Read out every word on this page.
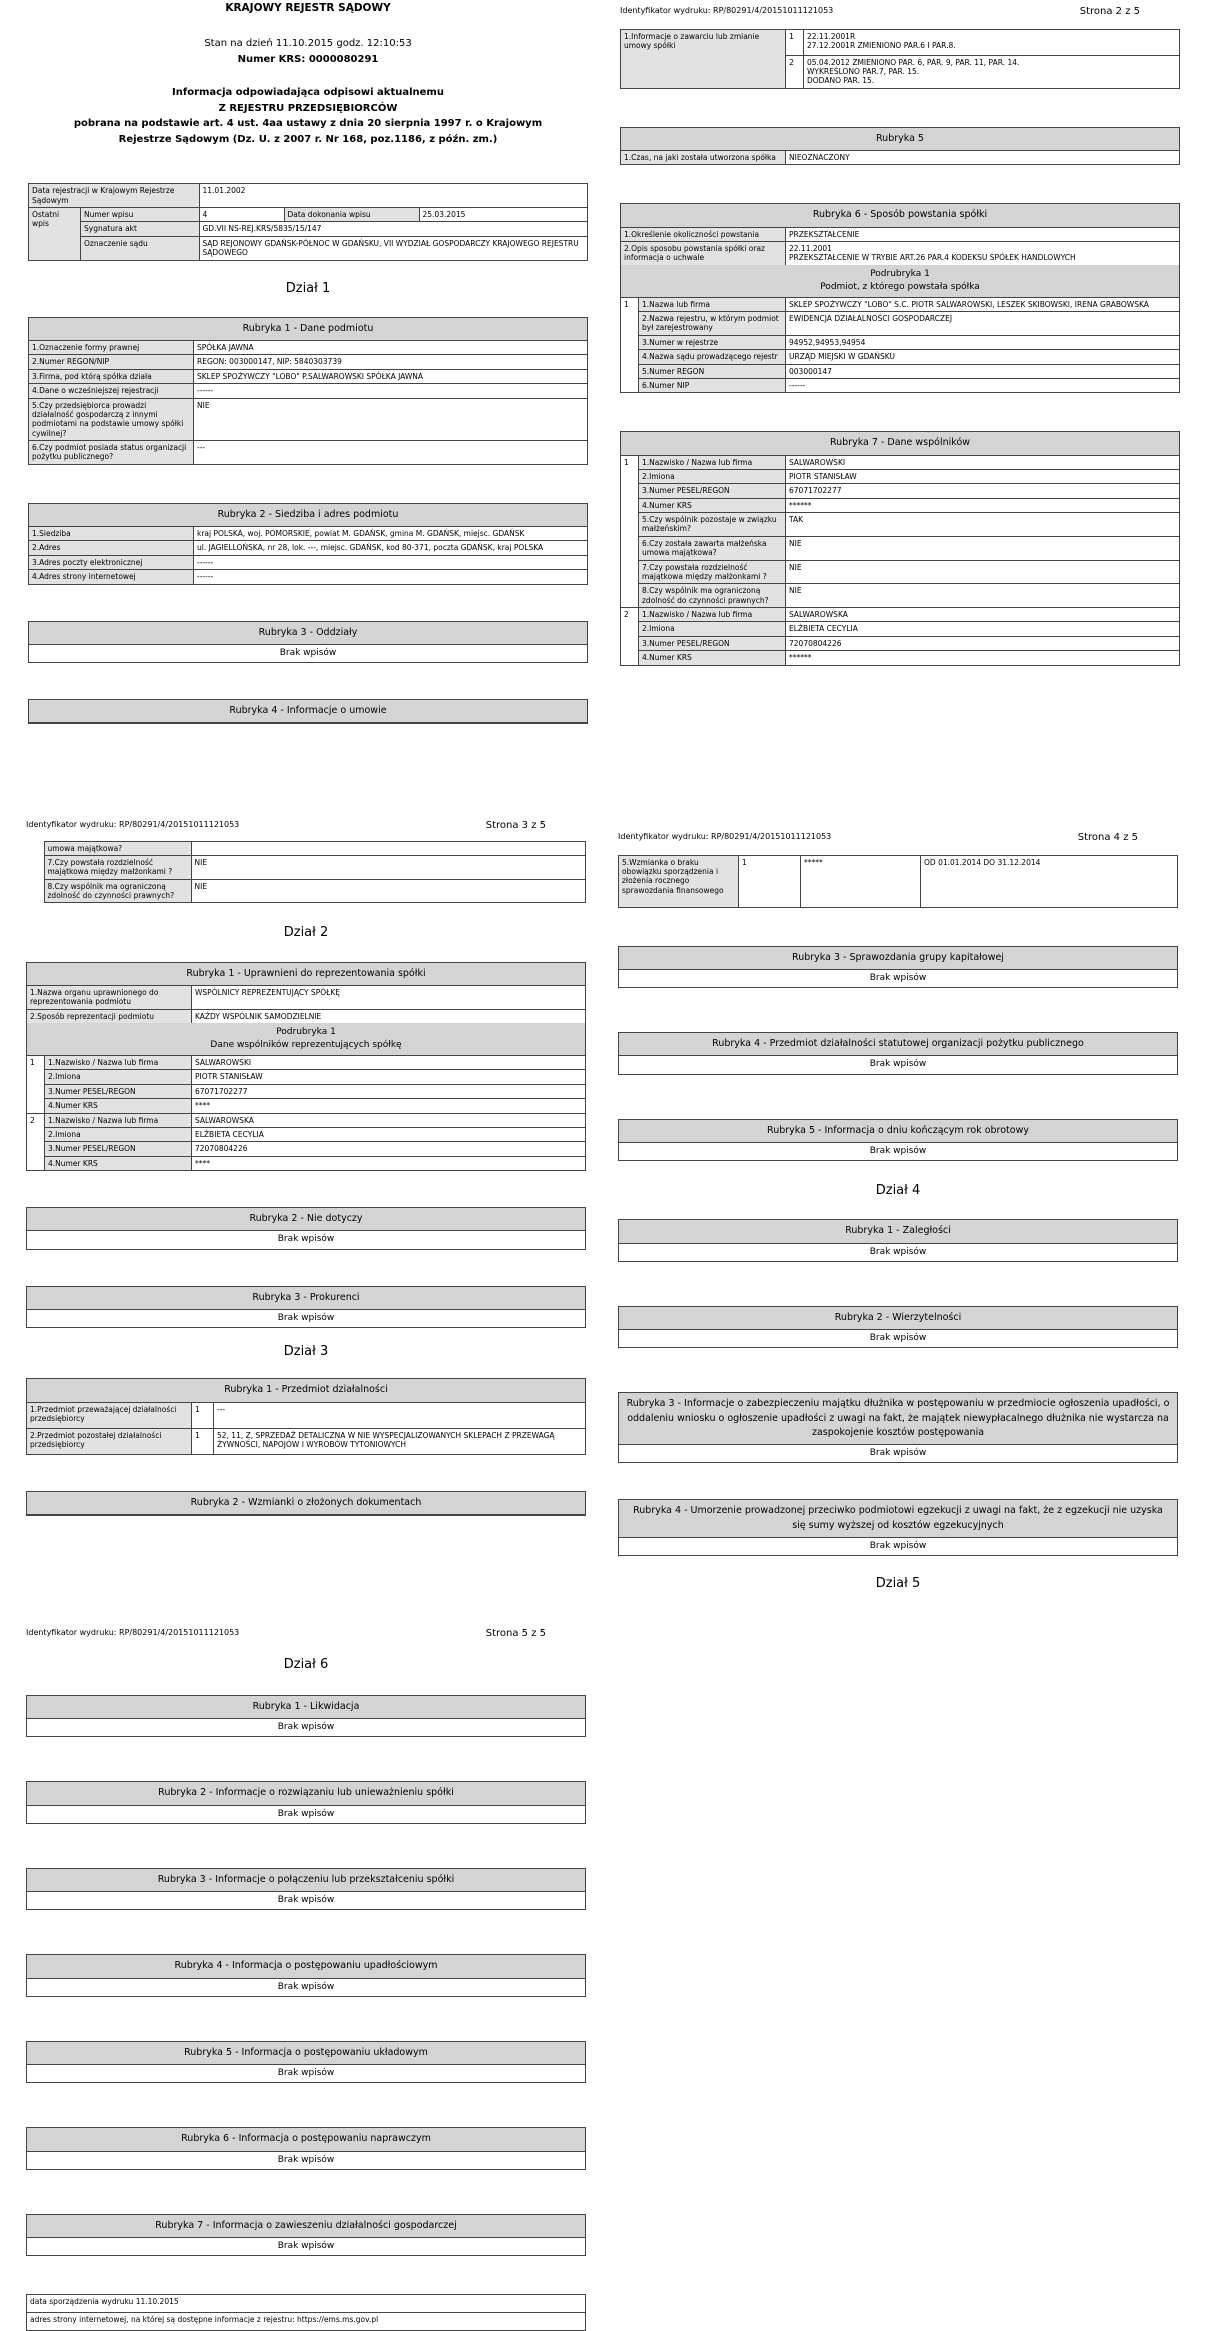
KRAJOWY REJESTR SĄDOWY
Stan na dzień 11.10.2015 godz. 12:10:53
Numer KRS: 0000080291
Informacja odpowiadająca odpisowi aktualnemu
Z REJESTRU PRZEDSIĘBIORCÓW
pobrana na podstawie art. 4 ust. 4aa ustawy z dnia 20 sierpnia 1997 r. o Krajowym Rejestrze Sądowym (Dz. U. z 2007 r. Nr 168, poz.1186, z późn. zm.)
Data rejestracji w Krajowym Rejestrze Sądowym		11.01.2002		
Ostatni wpis	Numer wpisu	4	Data dokonania wpisu	25.03.2015
	Sygnatura akt	GD.VII NS-REJ.KRS/5835/15/147		
	Oznaczenie sądu	SĄD REJONOWY GDAŃSK-PÓŁNOC W GDAŃSKU, VII WYDZIAŁ GOSPODARCZY KRAJOWEGO REJESTRU SĄDOWEGO		
Dział 1
Rubryka 1 - Dane podmiotu
1.Oznaczenie formy prawnej	SPÓŁKA JAWNA
2.Numer REGON/NIP	REGON: 003000147, NIP: 5840303739
3.Firma, pod którą spółka działa	SKLEP SPOŻYWCZY "LOBO" P.SALWAROWSKI SPÓŁKA JAWNA
4.Dane o wcześniejszej rejestracji	------
5.Czy przedsiębiorca prowadzi działalność gospodarczą z innymi podmiotami na podstawie umowy spółki cywilnej?	NIE
6.Czy podmiot posiada status organizacji pożytku publicznego?	---
Rubryka 2 - Siedziba i adres podmiotu
1.Siedziba	kraj POLSKA, woj. POMORSKIE, powiat M. GDAŃSK, gmina M. GDAŃSK, miejsc. GDAŃSK
2.Adres	ul. JAGIELLOŃSKA, nr 28, lok. ---, miejsc. GDAŃSK, kod 80-371, poczta GDAŃSK, kraj POLSKA
3.Adres poczty elektronicznej	------
4.Adres strony internetowej	------
Rubryka 3 - Oddziały
Brak wpisów
Rubryka 4 - Informacje o umowie
Identyfikator wydruku: RP/80291/4/20151011121053	Strona 2 z 5
1.Informacje o zawarciu lub zmianie umowy spółki	1	22.11.2001R
27.12.2001R ZMIENIONO PAR.6 I PAR.8.
	2	05.04.2012 ZMIENIONO PAR. 6, PAR. 9, PAR. 11, PAR. 14.
WYKREŚLONO PAR.7, PAR. 15.
DODANO PAR. 15.
Rubryka 5
1.Czas, na jaki została utworzona spółka	NIEOZNACZONY
Rubryka 6 - Sposób powstania spółki
1.Określenie okoliczności powstania	PRZEKSZTAŁCENIE
2.Opis sposobu powstania spółki oraz informacja o uchwale	22.11.2001
PRZEKSZTAŁCENIE W TRYBIE ART.26 PAR.4 KODEKSU SPÓŁEK HANDLOWYCH
Podrubryka 1
Podmiot, z którego powstała spółka
1	1.Nazwa lub firma	SKLEP SPOŻYWCZY "LOBO" S.C. PIOTR SALWAROWSKI, LESZEK SKIBOWSKI, IRENA GRABOWSKA
	2.Nazwa rejestru, w którym podmiot był zarejestrowany	EWIDENCJA DZIAŁALNOŚCI GOSPODARCZEJ
	3.Numer w rejestrze	94952,94953,94954
	4.Nazwa sądu prowadzącego rejestr	URZĄD MIEJSKI W GDAŃSKU
	5.Numer REGON	003000147
	6.Numer NIP	------
Rubryka 7 - Dane wspólników
1	1.Nazwisko / Nazwa lub firma	SALWAROWSKI
	2.Imiona	PIOTR STANISŁAW
	3.Numer PESEL/REGON	67071702277
	4.Numer KRS	******
	5.Czy wspólnik pozostaje w związku małżeńskim?	TAK
	6.Czy została zawarta małżeńska umowa majątkowa?	NIE
	7.Czy powstała rozdzielność majątkowa między małżonkami ?	NIE
	8.Czy wspólnik ma ograniczoną zdolność do czynności prawnych?	NIE
2	1.Nazwisko / Nazwa lub firma	SALWAROWSKA
	2.Imiona	ELŻBIETA CECYLIA
	3.Numer PESEL/REGON	72070804226
	4.Numer KRS	******
Identyfikator wydruku: RP/80291/4/20151011121053	Strona 3 z 5
	umowa majątkowa?	
	7.Czy powstała rozdzielność majątkowa między małżonkami ?	NIE
	8.Czy wspólnik ma ograniczoną zdolność do czynności prawnych?	NIE
Dział 2
Rubryka 1 - Uprawnieni do reprezentowania spółki
1.Nazwa organu uprawnionego do reprezentowania podmiotu	WSPÓLNICY REPREZENTUJĄCY SPÓŁKĘ
2.Sposób reprezentacji podmiotu	KAŻDY WSPÓLNIK SAMODZIELNIE
Podrubryka 1
Dane wspólników reprezentujących spółkę
1	1.Nazwisko / Nazwa lub firma	SALWAROWSKI
	2.Imiona	PIOTR STANISŁAW
	3.Numer PESEL/REGON	67071702277
	4.Numer KRS	****
2	1.Nazwisko / Nazwa lub firma	SALWAROWSKA
	2.Imiona	ELŻBIETA CECYLIA
	3.Numer PESEL/REGON	72070804226
	4.Numer KRS	****
Rubryka 2 - Nie dotyczy
Brak wpisów
Rubryka 3 - Prokurenci
Brak wpisów
Dział 3
Rubryka 1 - Przedmiot działalności
1.Przedmiot przeważającej działalności przedsiębiorcy	1	---
2.Przedmiot pozostałej działalności przedsiębiorcy	1	52, 11, Z, SPRZEDAŻ DETALICZNA W NIE WYSPECJALIZOWANYCH SKLEPACH Z PRZEWAGĄ ŻYWNOŚCI, NAPOJÓW I WYROBÓW TYTONIOWYCH
Rubryka 2 - Wzmianki o złożonych dokumentach
Identyfikator wydruku: RP/80291/4/20151011121053	Strona 4 z 5
5.Wzmianka o braku obowiązku sporządzenia i złożenia rocznego sprawozdania finansowego	1	*****	OD 01.01.2014 DO 31.12.2014
Rubryka 3 - Sprawozdania grupy kapitałowej
Brak wpisów
Rubryka 4 - Przedmiot działalności statutowej organizacji pożytku publicznego
Brak wpisów
Rubryka 5 - Informacja o dniu kończącym rok obrotowy
Brak wpisów
Dział 4
Rubryka 1 - Zaległości
Brak wpisów
Rubryka 2 - Wierzytelności
Brak wpisów
Rubryka 3 - Informacje o zabezpieczeniu majątku dłużnika w postępowaniu w przedmiocie ogłoszenia upadłości, o oddaleniu wniosku o ogłoszenie upadłości z uwagi na fakt, że majątek niewypłacalnego dłużnika nie wystarcza na zaspokojenie kosztów postępowania
Brak wpisów
Rubryka 4 - Umorzenie prowadzonej przeciwko podmiotowi egzekucji z uwagi na fakt, że z egzekucji nie uzyska się sumy wyższej od kosztów egzekucyjnych
Brak wpisów
Dział 5
Identyfikator wydruku: RP/80291/4/20151011121053	Strona 5 z 5
Dział 6
Rubryka 1 - Likwidacja
Brak wpisów
Rubryka 2 - Informacje o rozwiązaniu lub unieważnieniu spółki
Brak wpisów
Rubryka 3 - Informacje o połączeniu lub przekształceniu spółki
Brak wpisów
Rubryka 4 - Informacja o postępowaniu upadłościowym
Brak wpisów
Rubryka 5 - Informacja o postępowaniu układowym
Brak wpisów
Rubryka 6 - Informacja o postępowaniu naprawczym
Brak wpisów
Rubryka 7 - Informacja o zawieszeniu działalności gospodarczej
Brak wpisów
data sporządzenia wydruku 11.10.2015
adres strony internetowej, na której są dostępne informacje z rejestru: https://ems.ms.gov.pl
